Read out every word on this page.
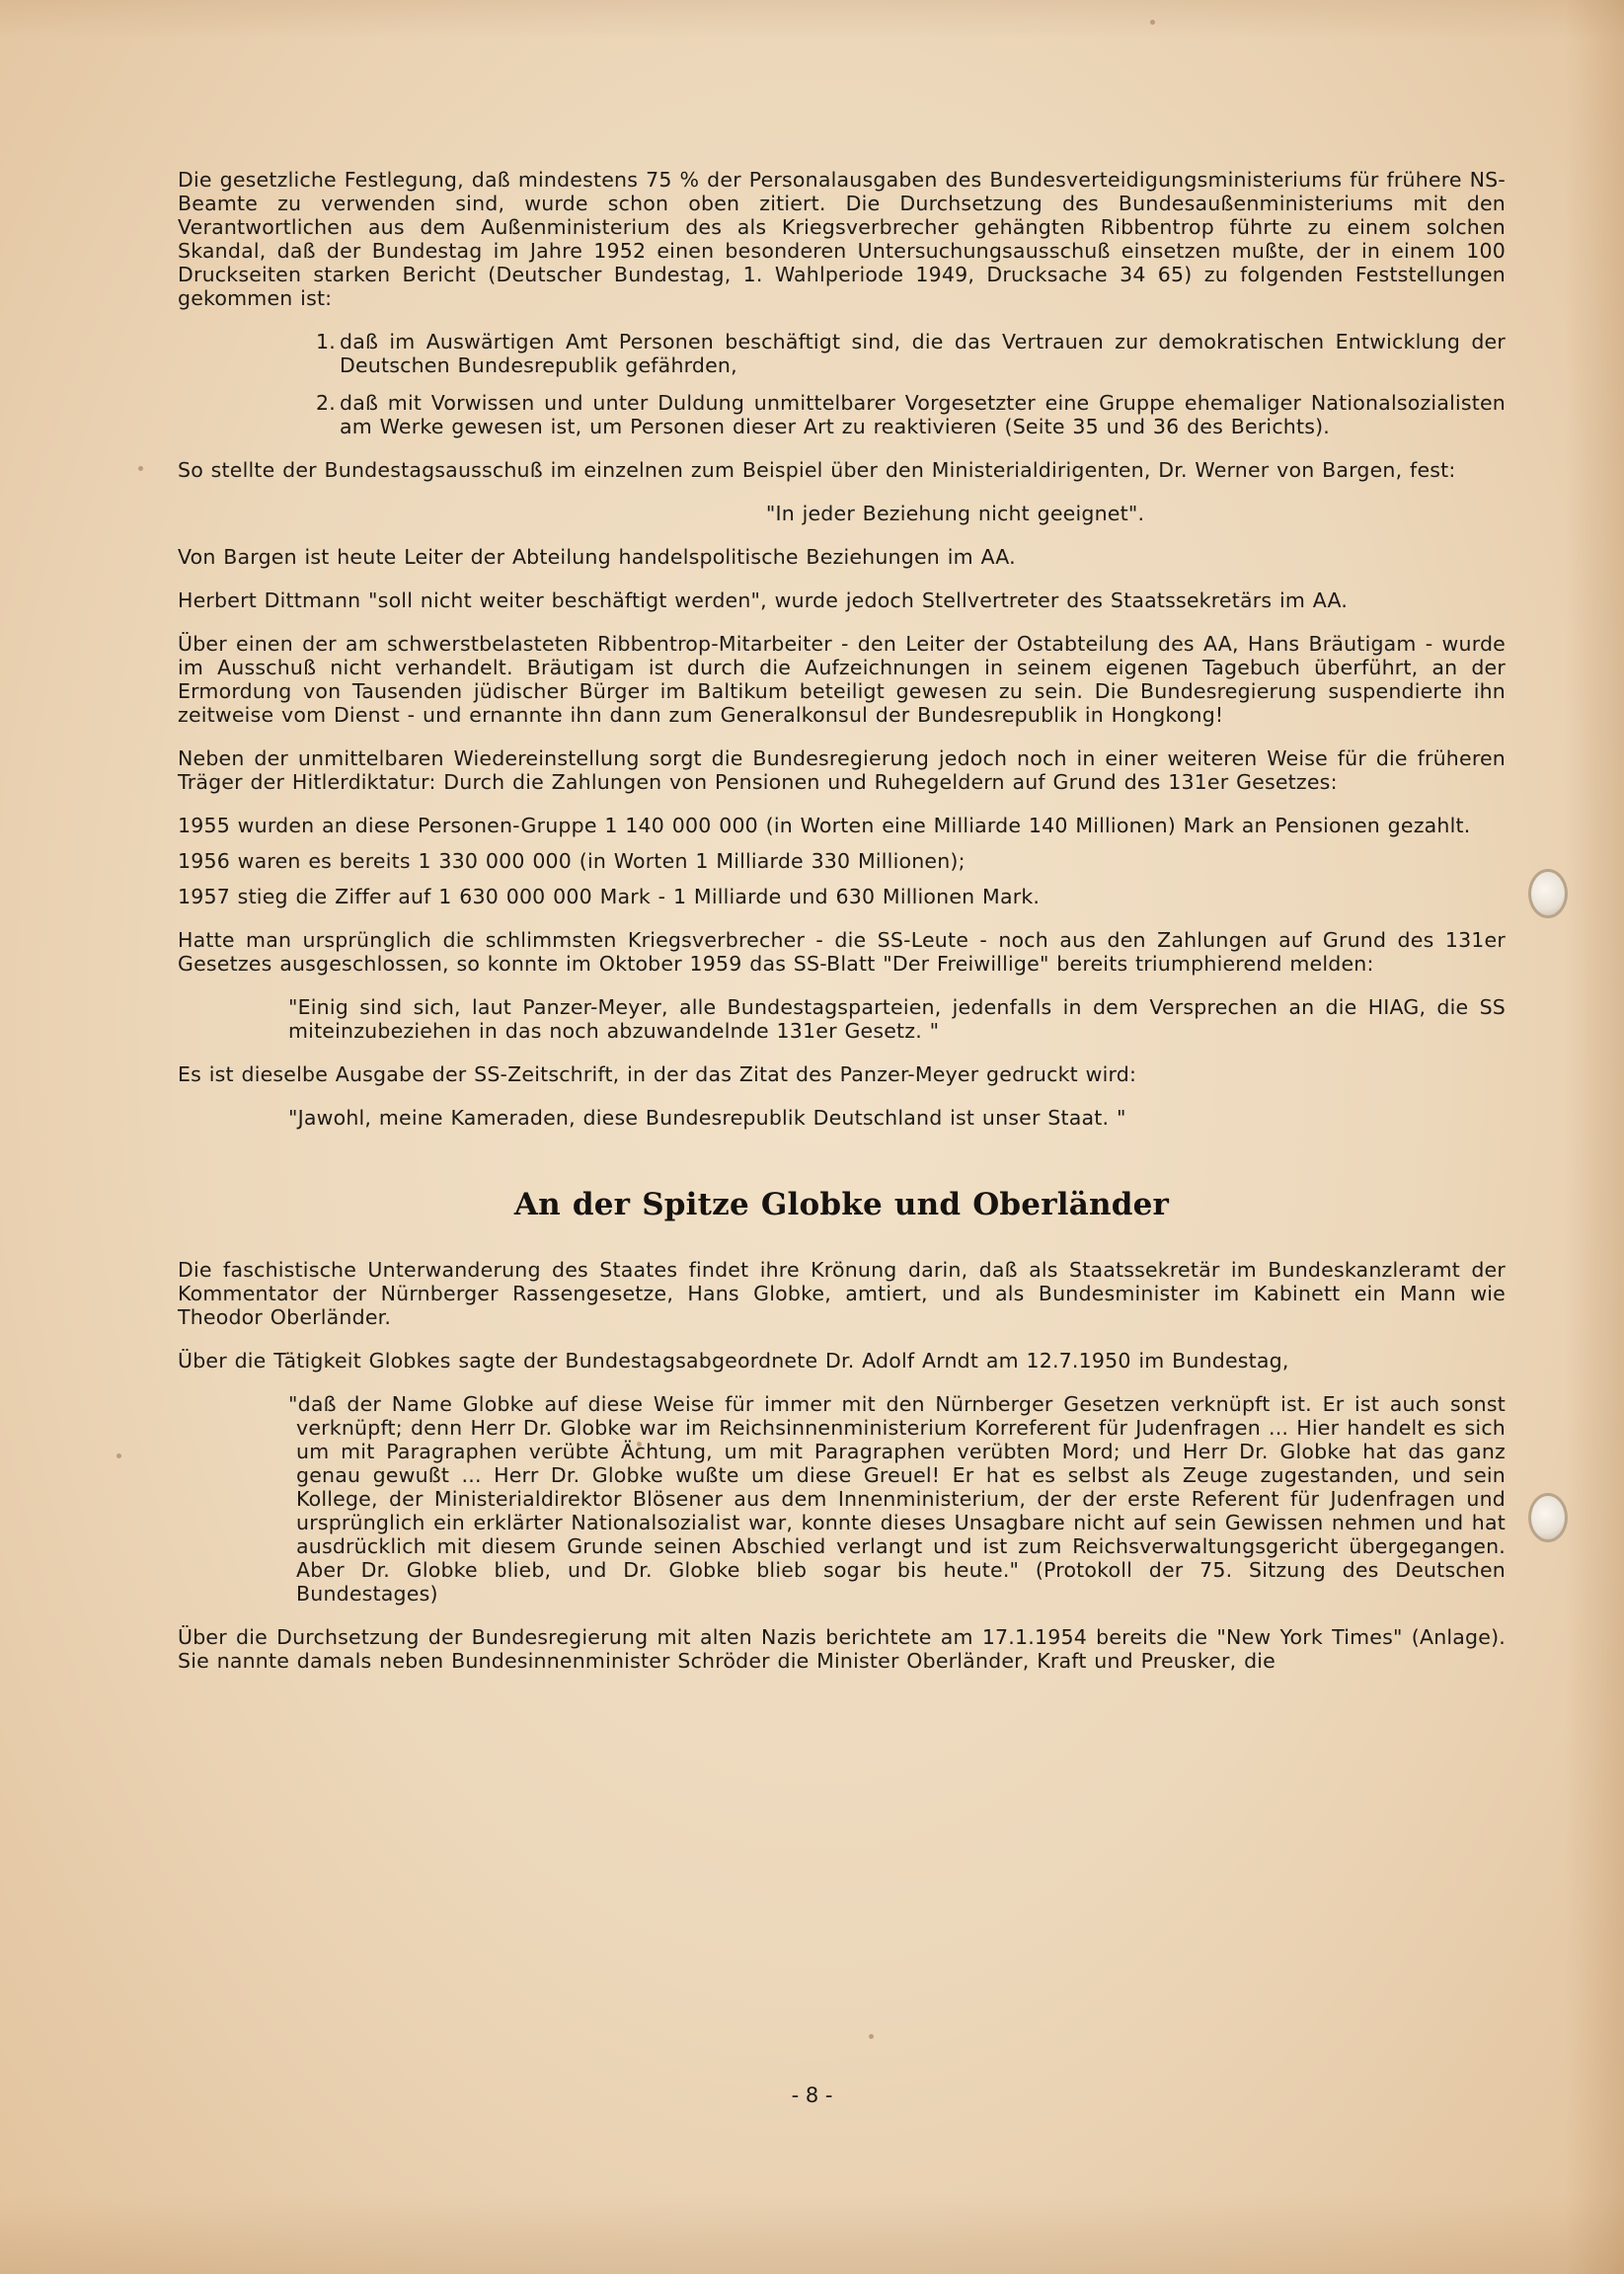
Die gesetzliche Festlegung, daß mindestens 75 % der Personalausgaben des Bundesverteidigungsministeriums für frühere NS-Beamte zu verwenden sind, wurde schon oben zitiert. Die Durchsetzung des Bundesaußenministeriums mit den Verantwortlichen aus dem Außenministerium des als Kriegsverbrecher gehängten Ribbentrop führte zu einem solchen Skandal, daß der Bundestag im Jahre 1952 einen besonderen Untersuchungsausschuß einsetzen mußte, der in einem 100 Druckseiten starken Bericht (Deutscher Bundestag, 1. Wahlperiode 1949, Drucksache 34 65) zu folgenden Feststellungen gekommen ist:

1. daß im Auswärtigen Amt Personen beschäftigt sind, die das Vertrauen zur demokratischen Entwicklung der Deutschen Bundesrepublik gefährden,
2. daß mit Vorwissen und unter Duldung unmittelbarer Vorgesetzter eine Gruppe ehemaliger Nationalsozialisten am Werke gewesen ist, um Personen dieser Art zu reaktivieren (Seite 35 und 36 des Berichts).

So stellte der Bundestagsausschuß im einzelnen zum Beispiel über den Ministerialdirigenten, Dr. Werner von Bargen, fest:

"In jeder Beziehung nicht geeignet".

Von Bargen ist heute Leiter der Abteilung handelspolitische Beziehungen im AA.

Herbert Dittmann "soll nicht weiter beschäftigt werden", wurde jedoch Stellvertreter des Staatssekretärs im AA.

Über einen der am schwerstbelasteten Ribbentrop-Mitarbeiter - den Leiter der Ostabteilung des AA, Hans Bräutigam - wurde im Ausschuß nicht verhandelt. Bräutigam ist durch die Aufzeichnungen in seinem eigenen Tagebuch überführt, an der Ermordung von Tausenden jüdischer Bürger im Baltikum beteiligt gewesen zu sein. Die Bundesregierung suspendierte ihn zeitweise vom Dienst - und ernannte ihn dann zum Generalkonsul der Bundesrepublik in Hongkong!

Neben der unmittelbaren Wiedereinstellung sorgt die Bundesregierung jedoch noch in einer weiteren Weise für die früheren Träger der Hitlerdiktatur: Durch die Zahlungen von Pensionen und Ruhegeldern auf Grund des 131er Gesetzes:

1955 wurden an diese Personen-Gruppe 1 140 000 000 (in Worten eine Milliarde 140 Millionen) Mark an Pensionen gezahlt.

1956 waren es bereits 1 330 000 000 (in Worten 1 Milliarde 330 Millionen);

1957 stieg die Ziffer auf 1 630 000 000 Mark - 1 Milliarde und 630 Millionen Mark.

Hatte man ursprünglich die schlimmsten Kriegsverbrecher - die SS-Leute - noch aus den Zahlungen auf Grund des 131er Gesetzes ausgeschlossen, so konnte im Oktober 1959 das SS-Blatt "Der Freiwillige" bereits triumphierend melden:

"Einig sind sich, laut Panzer-Meyer, alle Bundestagsparteien, jedenfalls in dem Versprechen an die HIAG, die SS miteinzubeziehen in das noch abzuwandelnde 131er Gesetz. "

Es ist dieselbe Ausgabe der SS-Zeitschrift, in der das Zitat des Panzer-Meyer gedruckt wird:

"Jawohl, meine Kameraden, diese Bundesrepublik Deutschland ist unser Staat. "

An der Spitze Globke und Oberländer

Die faschistische Unterwanderung des Staates findet ihre Krönung darin, daß als Staatssekretär im Bundeskanzleramt der Kommentator der Nürnberger Rassengesetze, Hans Globke, amtiert, und als Bundesminister im Kabinett ein Mann wie Theodor Oberländer.

Über die Tätigkeit Globkes sagte der Bundestagsabgeordnete Dr. Adolf Arndt am 12.7.1950 im Bundestag,

"daß der Name Globke auf diese Weise für immer mit den Nürnberger Gesetzen verknüpft ist. Er ist auch sonst verknüpft; denn Herr Dr. Globke war im Reichsinnenministerium Korreferent für Judenfragen ... Hier handelt es sich um mit Paragraphen verübte Ächtung, um mit Paragraphen verübten Mord; und Herr Dr. Globke hat das ganz genau gewußt ... Herr Dr. Globke wußte um diese Greuel! Er hat es selbst als Zeuge zugestanden, und sein Kollege, der Ministerialdirektor Blösener aus dem Innenministerium, der der erste Referent für Judenfragen und ursprünglich ein erklärter Nationalsozialist war, konnte dieses Unsagbare nicht auf sein Gewissen nehmen und hat ausdrücklich mit diesem Grunde seinen Abschied verlangt und ist zum Reichsverwaltungsgericht übergegangen. Aber Dr. Globke blieb, und Dr. Globke blieb sogar bis heute." (Protokoll der 75. Sitzung des Deutschen Bundestages)

Über die Durchsetzung der Bundesregierung mit alten Nazis berichtete am 17.1.1954 bereits die "New York Times" (Anlage). Sie nannte damals neben Bundesinnenminister Schröder die Minister Oberländer, Kraft und Preusker, die

- 8 -
